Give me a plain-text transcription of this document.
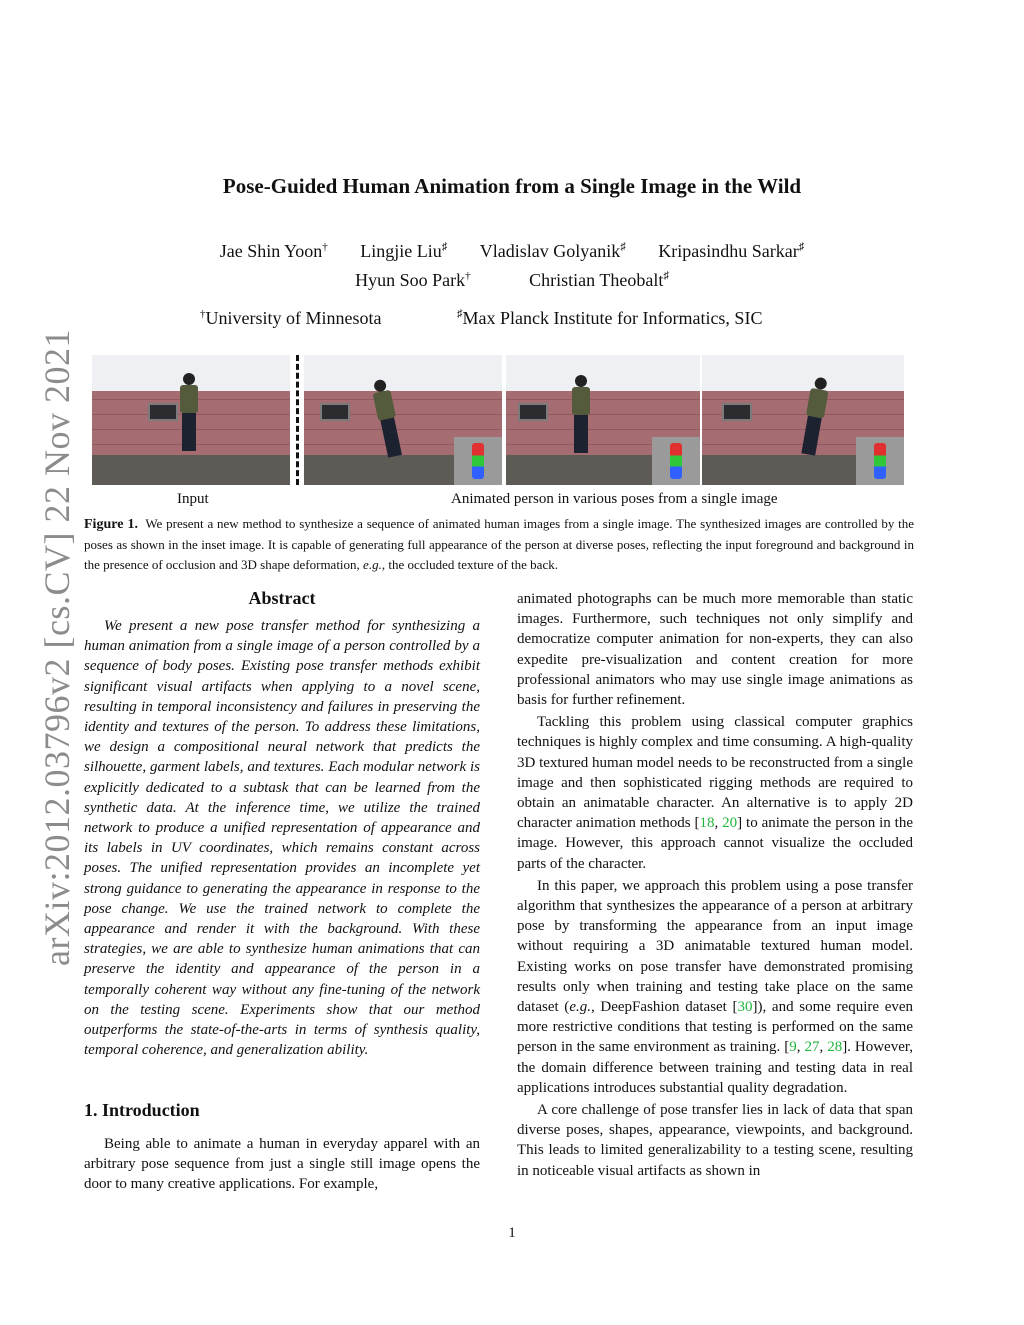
arXiv:2012.03796v2 [cs.CV] 22 Nov 2021
Pose-Guided Human Animation from a Single Image in the Wild
Jae Shin Yoon† Lingjie Liu♯ Vladislav Golyanik♯ Kripasindhu Sarkar♯
Hyun Soo Park†	Christian Theobalt♯
†University of Minnesota	♯Max Planck Institute for Informatics, SIC
Input	Animated person in various poses from a single image
Figure 1. We present a new method to synthesize a sequence of animated human images from a single image. The synthesized images are controlled by the poses as shown in the inset image. It is capable of generating full appearance of the person at diverse poses, reflecting the input foreground and background in the presence of occlusion and 3D shape deformation, e.g., the occluded texture of the back.
Abstract
We present a new pose transfer method for synthesizing a human animation from a single image of a person controlled by a sequence of body poses. Existing pose transfer methods exhibit significant visual artifacts when applying to a novel scene, resulting in temporal inconsistency and failures in preserving the identity and textures of the person. To address these limitations, we design a compositional neural network that predicts the silhouette, garment labels, and textures. Each modular network is explicitly dedicated to a subtask that can be learned from the synthetic data. At the inference time, we utilize the trained network to produce a unified representation of appearance and its labels in UV coordinates, which remains constant across poses. The unified representation provides an incomplete yet strong guidance to generating the appearance in response to the pose change. We use the trained network to complete the appearance and render it with the background. With these strategies, we are able to synthesize human animations that can preserve the identity and appearance of the person in a temporally coherent way without any fine-tuning of the network on the testing scene. Experiments show that our method outperforms the state-of-the-arts in terms of synthesis quality, temporal coherence, and generalization ability.
1. Introduction

Being able to animate a human in everyday apparel with an arbitrary pose sequence from just a single still image opens the door to many creative applications. For example,

animated photographs can be much more memorable than static images. Furthermore, such techniques not only simplify and democratize computer animation for non-experts, they can also expedite pre-visualization and content creation for more professional animators who may use single image animations as basis for further refinement.

Tackling this problem using classical computer graphics techniques is highly complex and time consuming. A high-quality 3D textured human model needs to be reconstructed from a single image and then sophisticated rigging methods are required to obtain an animatable character. An alternative is to apply 2D character animation methods [18, 20] to animate the person in the image. However, this approach cannot visualize the occluded parts of the character.

In this paper, we approach this problem using a pose transfer algorithm that synthesizes the appearance of a person at arbitrary pose by transforming the appearance from an input image without requiring a 3D animatable textured human model. Existing works on pose transfer have demonstrated promising results only when training and testing take place on the same dataset (e.g., DeepFashion dataset [30]), and some require even more restrictive conditions that testing is performed on the same person in the same environment as training. [9, 27, 28]. However, the domain difference between training and testing data in real applications introduces substantial quality degradation.

A core challenge of pose transfer lies in lack of data that span diverse poses, shapes, appearance, viewpoints, and background. This leads to limited generalizability to a testing scene, resulting in noticeable visual artifacts as shown in

1
